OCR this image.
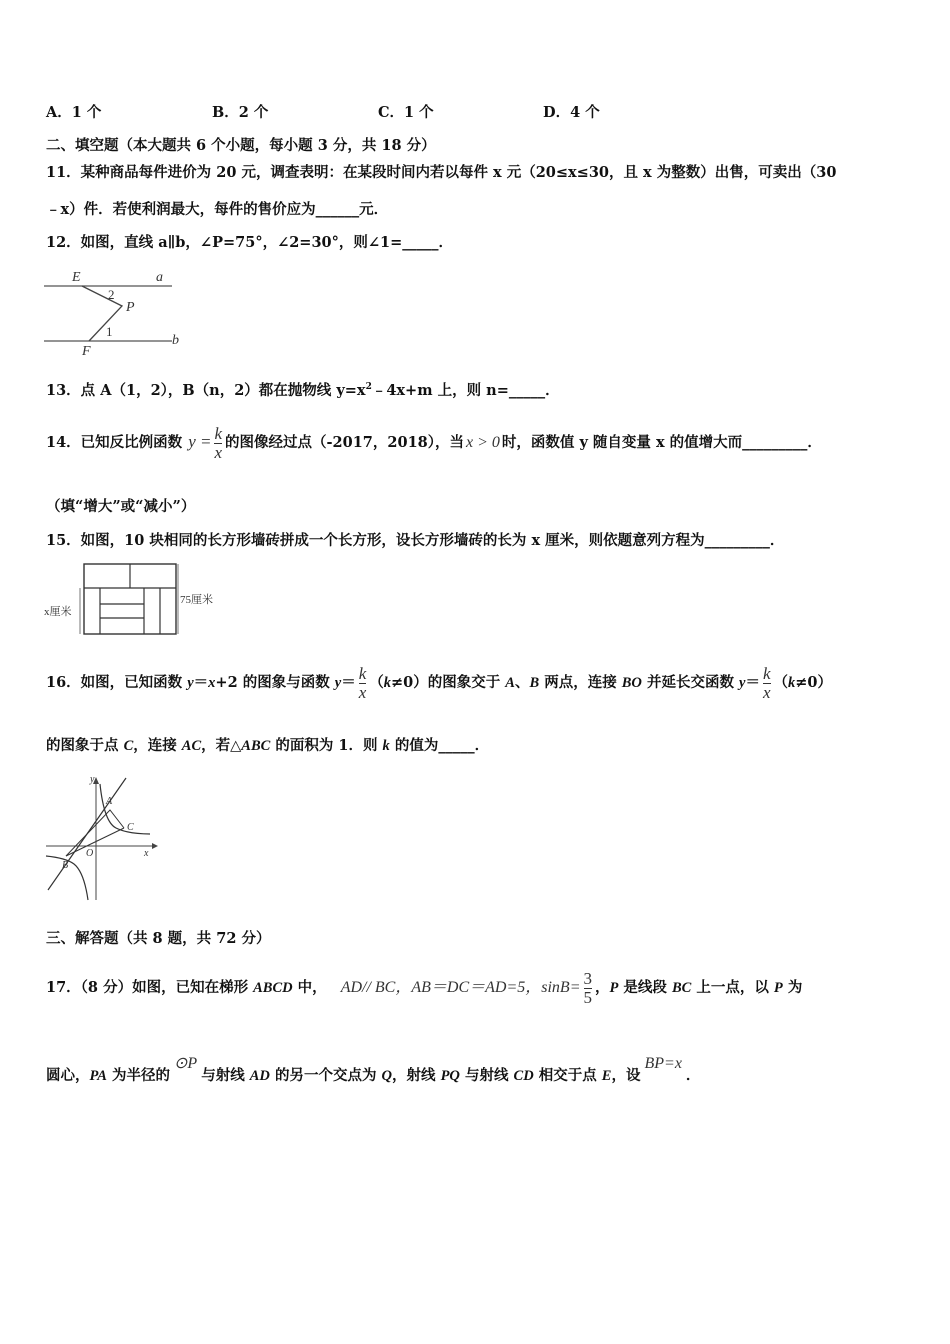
A．1 个	B．2 个	C．1 个	D．4 个
二、填空题（本大题共 6 个小题，每小题 3 分，共 18 分）
11．某种商品每件进价为 20 元，调查表明：在某段时间内若以每件 x 元（20≤x≤30，且 x 为整数）出售，可卖出（30
﹣x）件．若使利润最大，每件的售价应为______元．
12．如图，直线 a∥b，∠P=75°，∠2=30°，则∠1=_____．
E	a
2
P
1
b
F
13．点 A（1，2），B（n，2）都在抛物线 $y=x^2﹣4x+m$ 上，则 n=_____．
14．已知反比例函数 $y = \frac{k}{x}$ 的图像经过点（-2017，2018），当 x > 0 时，函数值 y 随自变量 x 的值增大而_________．
（填“增大”或“减小”）
15．如图，10 块相同的长方形墙砖拼成一个长方形，设长方形墙砖的长为 x 厘米，则依题意列方程为_________．
75厘米
x厘米
16．如图，已知函数 y＝x+2 的图象与函数 $y= \frac{k}{x} (k\ne 0)$的图象交于 A、B 两点，连接 BO 并延长交函数 $y= \frac{k}{x} (k\ne 0)$
的图象于点 C，连接 AC，若△ABC 的面积为 1．则 k 的值为_____．
y
A
C
O
B
x
三、解答题（共 8 题，共 72 分）
17．（8 分）如图，已知在梯形 ABCD 中， AD// BC，AB＝DC＝AD=5，$\sin B= \frac{3}{5}$ ，P 是线段 BC 上一点，以 P 为
圆心，PA 为半径的⊙P与射线 AD 的另一个交点为 Q，射线 PQ 与射线 CD 相交于点 E，设BP=x．
